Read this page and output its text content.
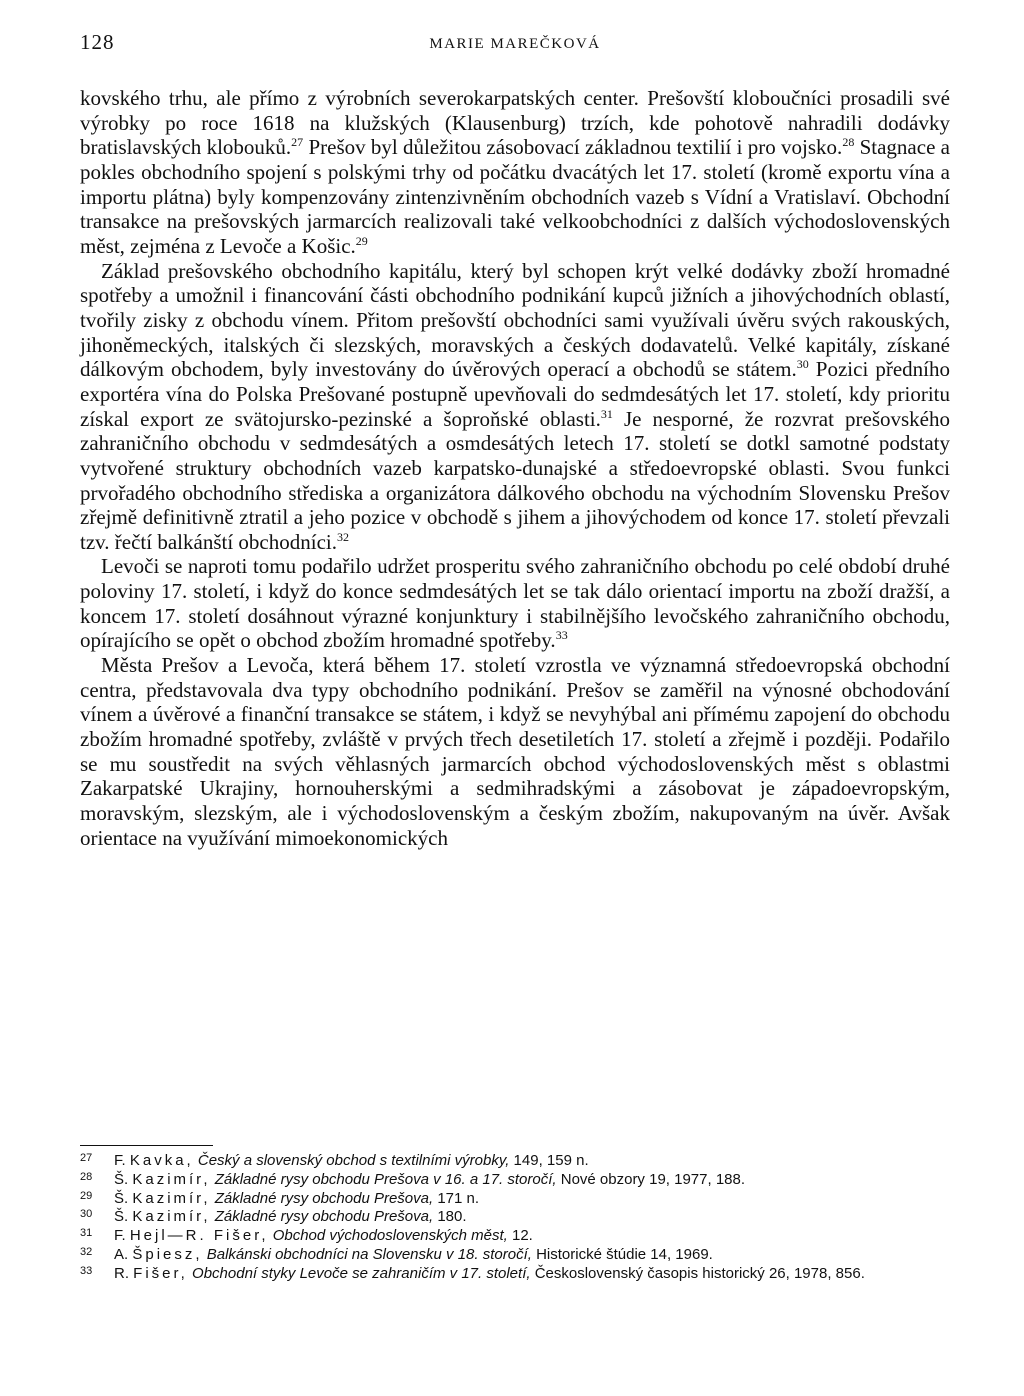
128	MARIE MAREČKOVÁ

kovského trhu, ale přímo z výrobních severokarpatských center. Prešovští kloboučníci prosadili své výrobky po roce 1618 na klužských (Klausenburg) trzích, kde pohotově nahradili dodávky bratislavských klobouků.$^{27}$ Prešov byl důležitou zásobovací základnou textilií i pro vojsko.$^{28}$ Stagnace a pokles obchodního spojení s polskými trhy od počátku dvacátých let 17. století (kromě exportu vína a importu plátna) byly kompenzovány zintenzivněním obchodních vazeb s Vídní a Vratislaví. Obchodní transakce na prešovských jarmarcích realizovali také velkoobchodníci z dalších východoslovenských měst, zejména z Levoče a Košic.$^{29}$

Základ prešovského obchodního kapitálu, který byl schopen krýt velké dodávky zboží hromadné spotřeby a umožnil i financování části obchodního podnikání kupců jižních a jihovýchodních oblastí, tvořily zisky z obchodu vínem. Přitom prešovští obchodníci sami využívali úvěru svých rakouských, jihoněmeckých, italských či slezských, moravských a českých dodavatelů. Velké kapitály, získané dálkovým obchodem, byly investovány do úvěrových operací a obchodů se státem.$^{30}$ Pozici předního exportéra vína do Polska Prešované postupně upevňovali do sedmdesátých let 17. století, kdy prioritu získal export ze svätojursko-pezinské a šoproňské oblasti.$^{31}$ Je nesporné, že rozvrat prešovského zahraničního obchodu v sedmdesátých a osmdesátých letech 17. století se dotkl samotné podstaty vytvořené struktury obchodních vazeb karpatsko-dunajské a středoevropské oblasti. Svou funkci prvořadého obchodního střediska a organizátora dálkového obchodu na východním Slovensku Prešov zřejmě definitivně ztratil a jeho pozice v obchodě s jihem a jihovýchodem od konce 17. století převzali tzv. řečtí balkánští obchodníci.$^{32}$

Levoči se naproti tomu podařilo udržet prosperitu svého zahraničního obchodu po celé období druhé poloviny 17. století, i když do konce sedmdesátých let se tak dálo orientací importu na zboží dražší, a koncem 17. století dosáhnout výrazné konjunktury i stabilnějšího levočského zahraničního obchodu, opírajícího se opět o obchod zbožím hromadné spotřeby.$^{33}$

Města Prešov a Levoča, která během 17. století vzrostla ve významná středoevropská obchodní centra, představovala dva typy obchodního podnikání. Prešov se zaměřil na výnosné obchodování vínem a úvěrové a finanční transakce se státem, i když se nevyhýbal ani přímému zapojení do obchodu zbožím hromadné spotřeby, zvláště v prvých třech desetiletích 17. století a zřejmě i později. Podařilo se mu soustředit na svých věhlasných jarmarcích obchod východoslovenských měst s oblastmi Zakarpatské Ukrajiny, hornouherskými a sedmihradskými a zásobovat je západoevropským, moravským, slezským, ale i východoslovenským a českým zbožím, nakupovaným na úvěr. Avšak orientace na využívání mimoekonomických

27 F. Kavka, Český a slovenský obchod s textilními výrobky, 149, 159 n.
28 Š. Kazimír, Základné rysy obchodu Prešova v 16. a 17. storočí, Nové obzory 19, 1977, 188.
29 Š. Kazimír, Základné rysy obchodu Prešova, 171 n.
30 Š. Kazimír, Základné rysy obchodu Prešova, 180.
31 F. Hejl—R. Fišer, Obchod východoslovenských měst, 12.
32 A. Špiesz, Balkánski obchodníci na Slovensku v 18. storočí, Historické štúdie 14, 1969.
33 R. Fišer, Obchodní styky Levoče se zahraničím v 17. století, Československý časopis historický 26, 1978, 856.
